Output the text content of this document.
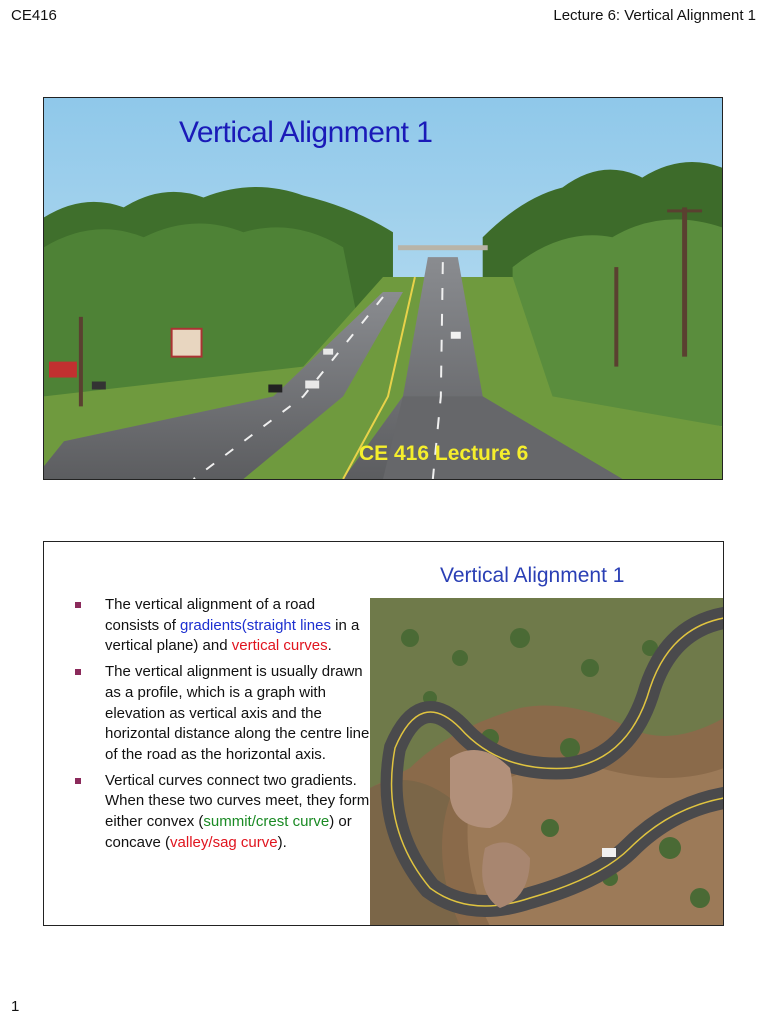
CE416	Lecture 6: Vertical Alignment 1
Vertical Alignment 1
CE 416 Lecture 6
Vertical Alignment 1
The vertical alignment of a road consists of gradients(straight lines in a vertical plane) and vertical curves.
The vertical alignment is usually drawn as a profile, which is a graph with elevation as vertical axis and the horizontal distance along the centre line of the road as the horizontal axis.
Vertical curves connect two gradients. When these two curves meet, they form either convex (summit/crest curve) or concave (valley/sag curve).
1
